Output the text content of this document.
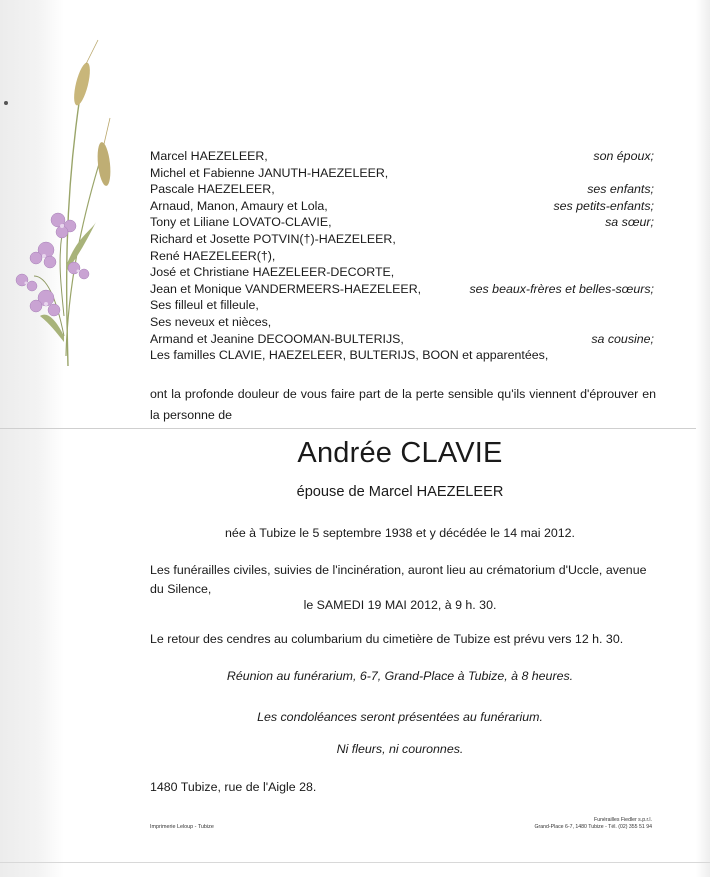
Marcel HAEZELEER,	son époux;
Michel et Fabienne JANUTH-HAEZELEER,
Pascale HAEZELEER,	ses enfants;
Arnaud, Manon, Amaury et Lola,	ses petits-enfants;
Tony et Liliane LOVATO-CLAVIE,	sa sœur;
Richard et Josette POTVIN(†)-HAEZELEER,
René HAEZELEER(†),
José et Christiane HAEZELEER-DECORTE,
Jean et Monique VANDERMEERS-HAEZELEER,	ses beaux-frères et belles-sœurs;
Ses filleul et filleule,
Ses neveux et nièces,
Armand et Jeanine DECOOMAN-BULTERIJS,	sa cousine;
Les familles CLAVIE, HAEZELEER, BULTERIJS, BOON et apparentées,
ont la profonde douleur de vous faire part de la perte sensible qu'ils viennent d'éprouver en la personne de
Andrée CLAVIE
épouse de Marcel HAEZELEER
née à Tubize le 5 septembre 1938 et y décédée le 14 mai 2012.
Les funérailles civiles, suivies de l'incinération, auront lieu au crématorium d'Uccle, avenue du Silence,
le SAMEDI 19 MAI 2012, à 9 h. 30.
Le retour des cendres au columbarium du cimetière de Tubize est prévu vers 12 h. 30.
Réunion au funérarium, 6-7, Grand-Place à Tubize, à 8 heures.
Les condoléances seront présentées au funérarium.
Ni fleurs, ni couronnes.
1480 Tubize, rue de l'Aigle 28.
Imprimerie Leloup - Tubize
Funérailles Fiedler s.p.r.l.
Grand-Place 6-7, 1480 Tubize - Tél. (02) 355 51 94
